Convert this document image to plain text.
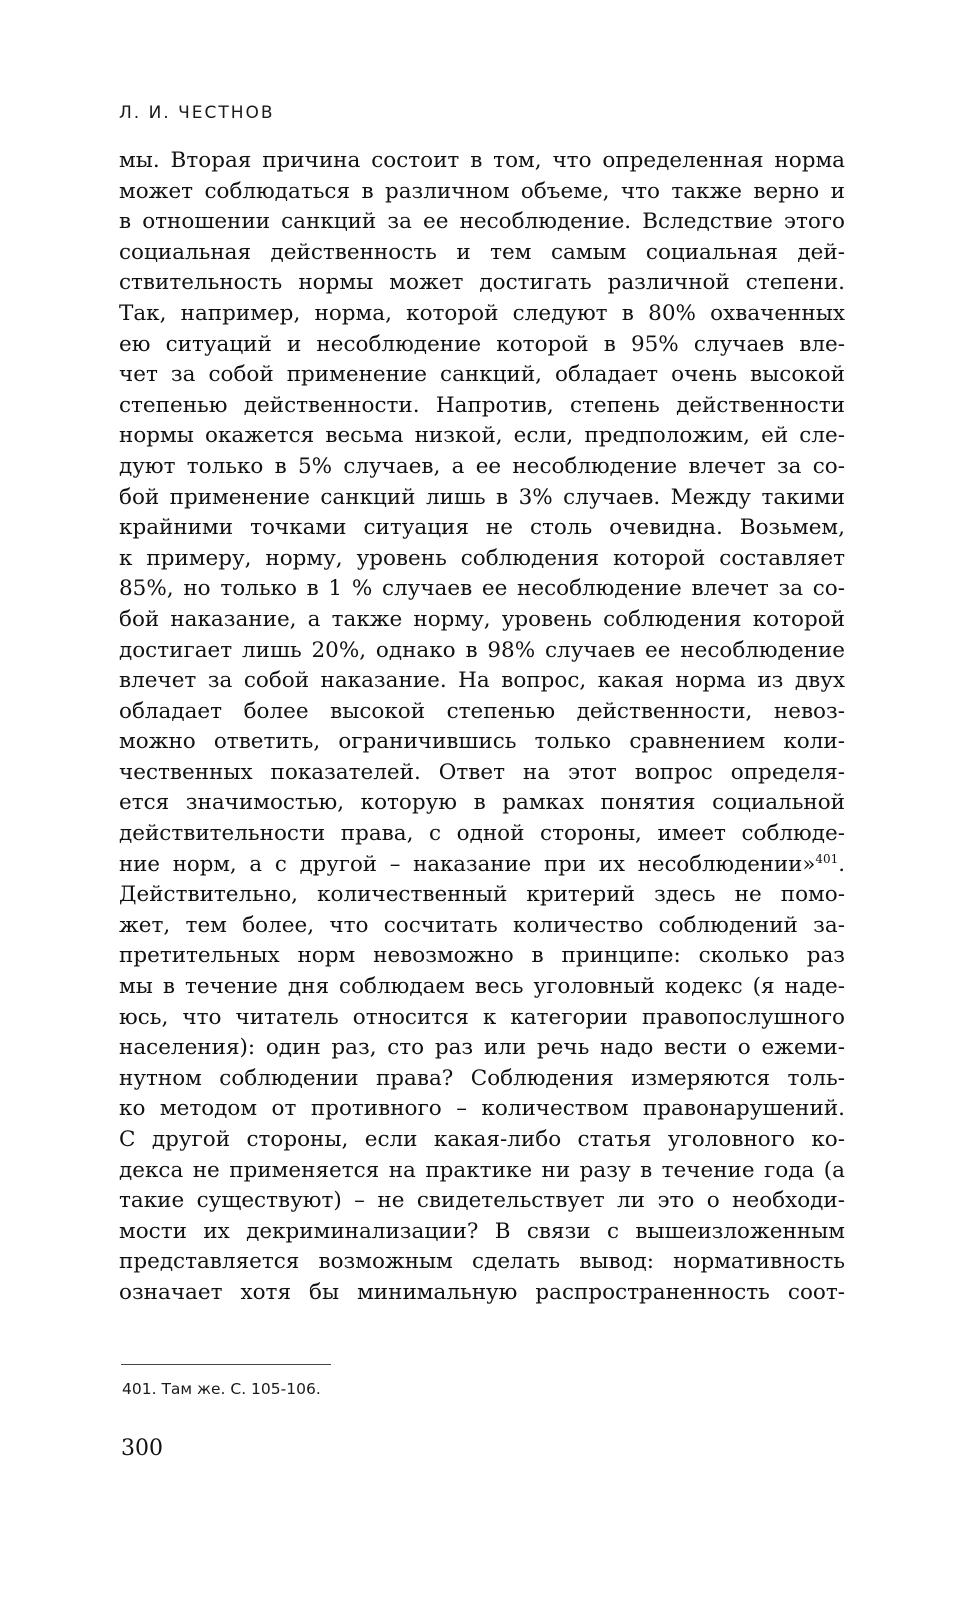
Л. И. ЧЕСТНОВ
мы. Вторая причина состоит в том, что определенная норма
может соблюдаться в различном объеме, что также верно и
в отношении санкций за ее несоблюдение. Вследствие этого
социальная действенность и тем самым социальная дей-
ствительность нормы может достигать различной степени.
Так, например, норма, которой следуют в 80% охваченных
ею ситуаций и несоблюдение которой в 95% случаев вле-
чет за собой применение санкций, обладает очень высокой
степенью действенности. Напротив, степень действенности
нормы окажется весьма низкой, если, предположим, ей сле-
дуют только в 5% случаев, а ее несоблюдение влечет за со-
бой применение санкций лишь в 3% случаев. Между такими
крайними точками ситуация не столь очевидна. Возьмем,
к примеру, норму, уровень соблюдения которой составляет
85%, но только в 1 % случаев ее несоблюдение влечет за со-
бой наказание, а также норму, уровень соблюдения которой
достигает лишь 20%, однако в 98% случаев ее несоблюдение
влечет за собой наказание. На вопрос, какая норма из двух
обладает более высокой степенью действенности, невоз-
можно ответить, ограничившись только сравнением коли-
чественных показателей. Ответ на этот вопрос определя-
ется значимостью, которую в рамках понятия социальной
действительности права, с одной стороны, имеет соблюде-
ние норм, а с другой – наказание при их несоблюдении»$^{401}$.
Действительно, количественный критерий здесь не помо-
жет, тем более, что сосчитать количество соблюдений за-
претительных норм невозможно в принципе: сколько раз
мы в течение дня соблюдаем весь уголовный кодекс (я наде-
юсь, что читатель относится к категории правопослушного
населения): один раз, сто раз или речь надо вести о ежеми-
нутном соблюдении права? Соблюдения измеряются толь-
ко методом от противного – количеством правонарушений.
С другой стороны, если какая-либо статья уголовного ко-
декса не применяется на практике ни разу в течение года (а
такие существуют) – не свидетельствует ли это о необходи-
мости их декриминализации? В связи с вышеизложенным
представляется возможным сделать вывод: нормативность
означает хотя бы минимальную распространенность соот-
401. Там же. С. 105-106.
300
